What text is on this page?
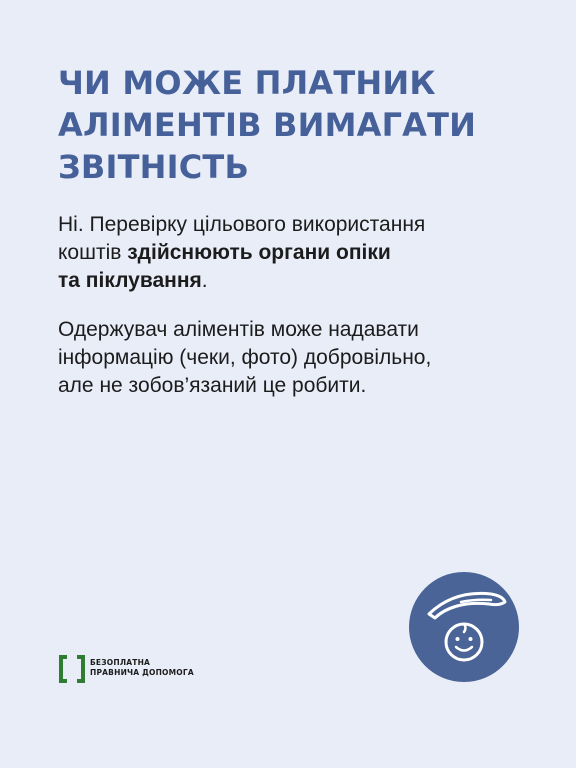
ЧИ МОЖЕ ПЛАТНИК
АЛІМЕНТІВ ВИМАГАТИ
ЗВІТНІСТЬ

Ні. Перевірку цільового використання
коштів здійснюють органи опіки
та піклування.

Одержувач аліментів може надавати
інформацію (чеки, фото) добровільно,
але не зобов’язаний це робити.

БЕЗОПЛАТНА
ПРАВНИЧА ДОПОМОГА
